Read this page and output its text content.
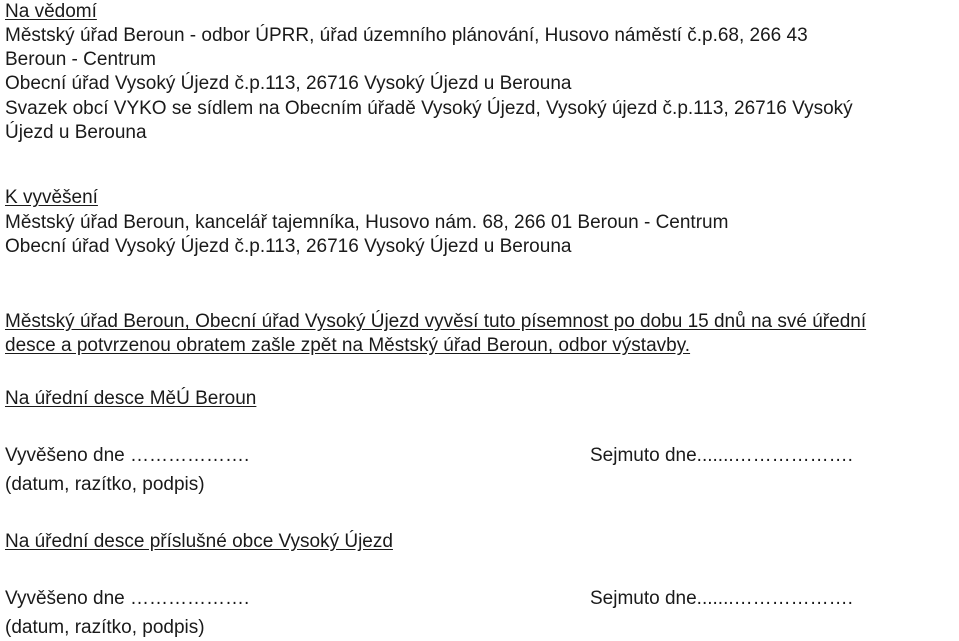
Na vědomí
Městský úřad Beroun - odbor ÚPRR, úřad územního plánování, Husovo náměstí č.p.68, 266 43
Beroun - Centrum
Obecní úřad Vysoký Újezd č.p.113, 26716 Vysoký Újezd u Berouna
Svazek obcí VYKO se sídlem na Obecním úřadě Vysoký Újezd, Vysoký újezd č.p.113, 26716 Vysoký
Újezd u Berouna
K vyvěšení
Městský úřad Beroun, kancelář tajemníka, Husovo nám. 68, 266 01 Beroun - Centrum
Obecní úřad Vysoký Újezd č.p.113, 26716 Vysoký Újezd u Berouna
Městský úřad Beroun, Obecní úřad Vysoký Újezd vyvěsí tuto písemnost po dobu 15 dnů na své úřední
desce a potvrzenou obratem zašle zpět na Městský úřad Beroun, odbor výstavby.
Na úřední desce MěÚ Beroun
Vyvěšeno dne ……………….	Sejmuto dne.......……………….
(datum, razítko, podpis)
Na úřední desce příslušné obce Vysoký Újezd
Vyvěšeno dne ……………….	Sejmuto dne.......……………….
(datum, razítko, podpis)
